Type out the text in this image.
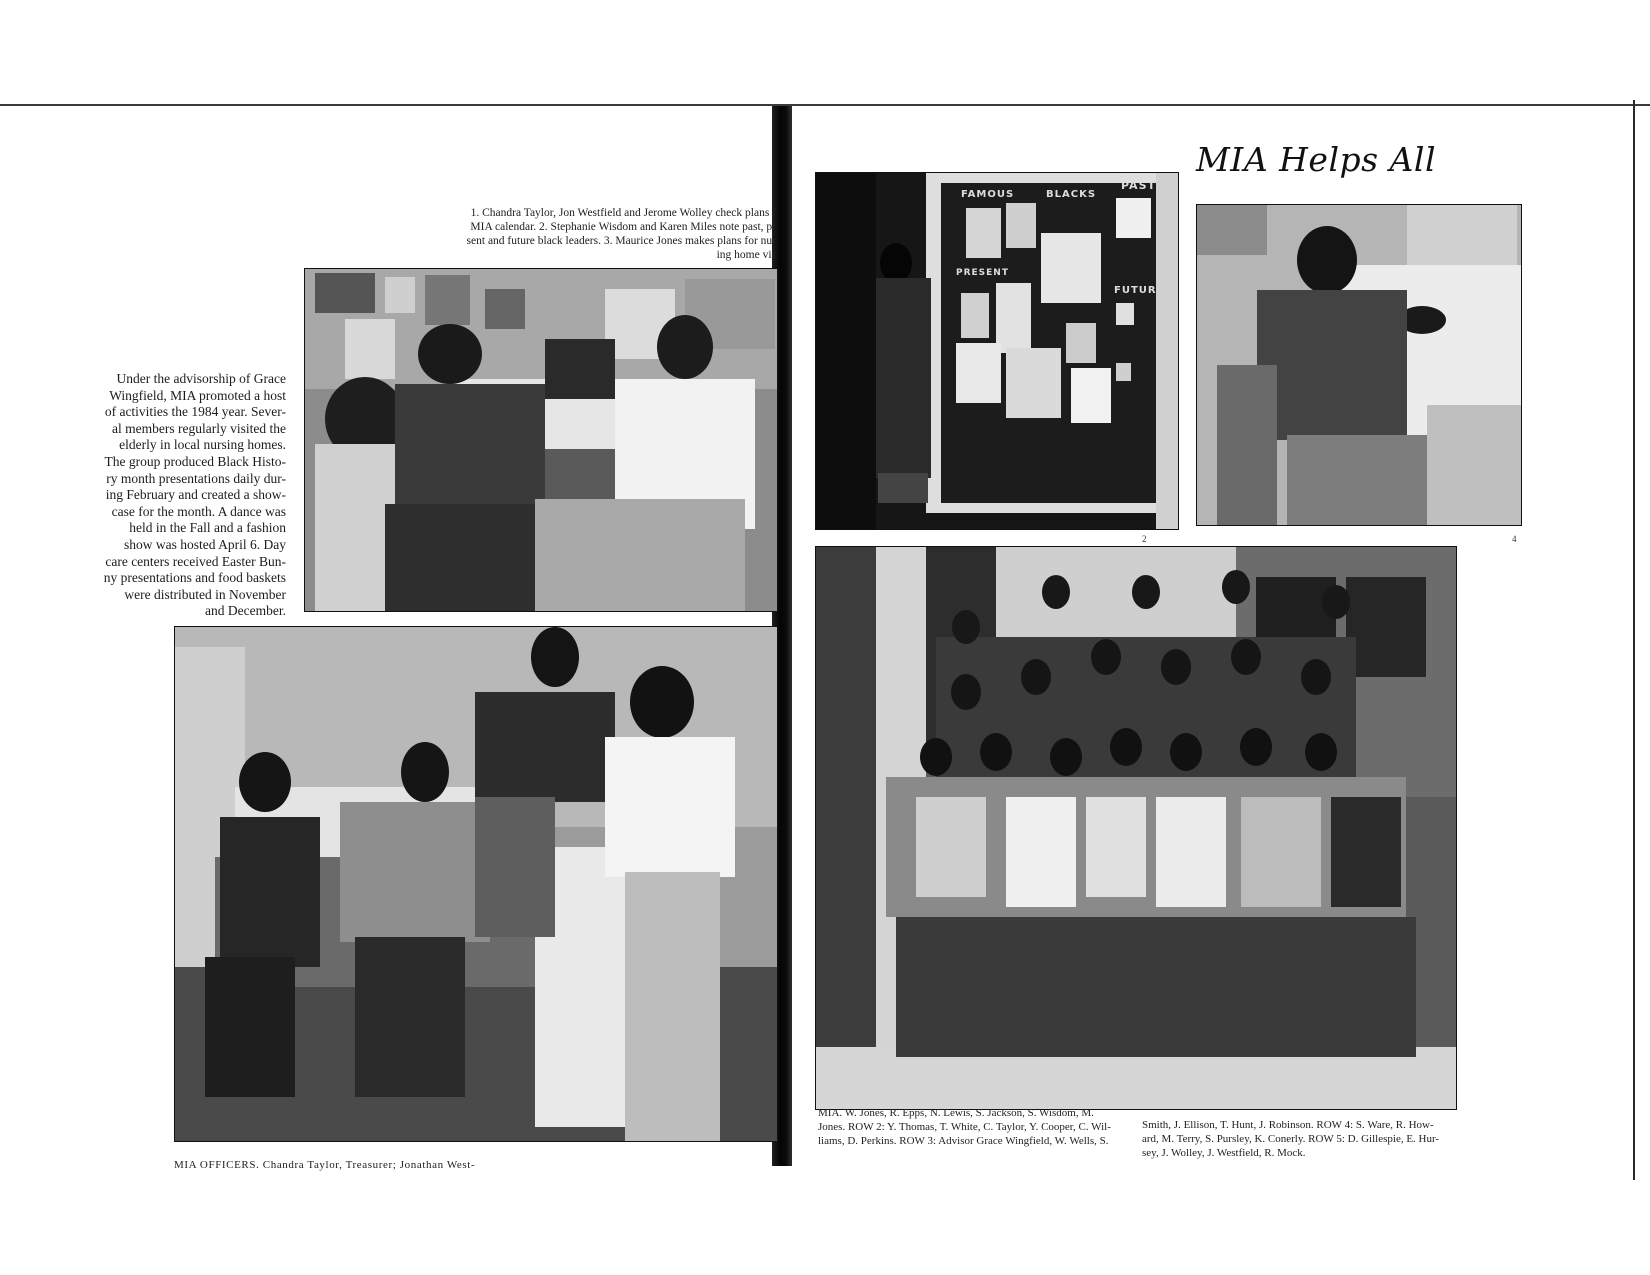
1. Chandra Taylor, Jon Westfield and Jerome Wolley check plans f
MIA calendar. 2. Stephanie Wisdom and Karen Miles note past, pr
sent and future black leaders. 3. Maurice Jones makes plans for nur
ing home vis
Under the advisorship of Grace
Wingfield, MIA promoted a host
of activities the 1984 year. Sever-
al members regularly visited the
elderly in local nursing homes.
The group produced Black Histo-
ry month presentations daily dur-
ing February and created a show-
case for the month. A dance was
held in the Fall and a fashion
show was hosted April 6. Day
care centers received Easter Bun-
ny presentations and food baskets
were distributed in November
and December.
MIA OFFICERS. Chandra Taylor, Treasurer; Jonathan West-
MIA Helps All
FAMOUS	BLACKS
PAST
PRESENT
FUTUR
2	4
MIA. W. Jones, R. Epps, N. Lewis, S. Jackson, S. Wisdom, M.
Jones. ROW 2: Y. Thomas, T. White, C. Taylor, Y. Cooper, C. Wil-
liams, D. Perkins. ROW 3: Advisor Grace Wingfield, W. Wells, S.
Smith, J. Ellison, T. Hunt, J. Robinson. ROW 4: S. Ware, R. How-
ard, M. Terry, S. Pursley, K. Conerly. ROW 5: D. Gillespie, E. Hur-
sey, J. Wolley, J. Westfield, R. Mock.
